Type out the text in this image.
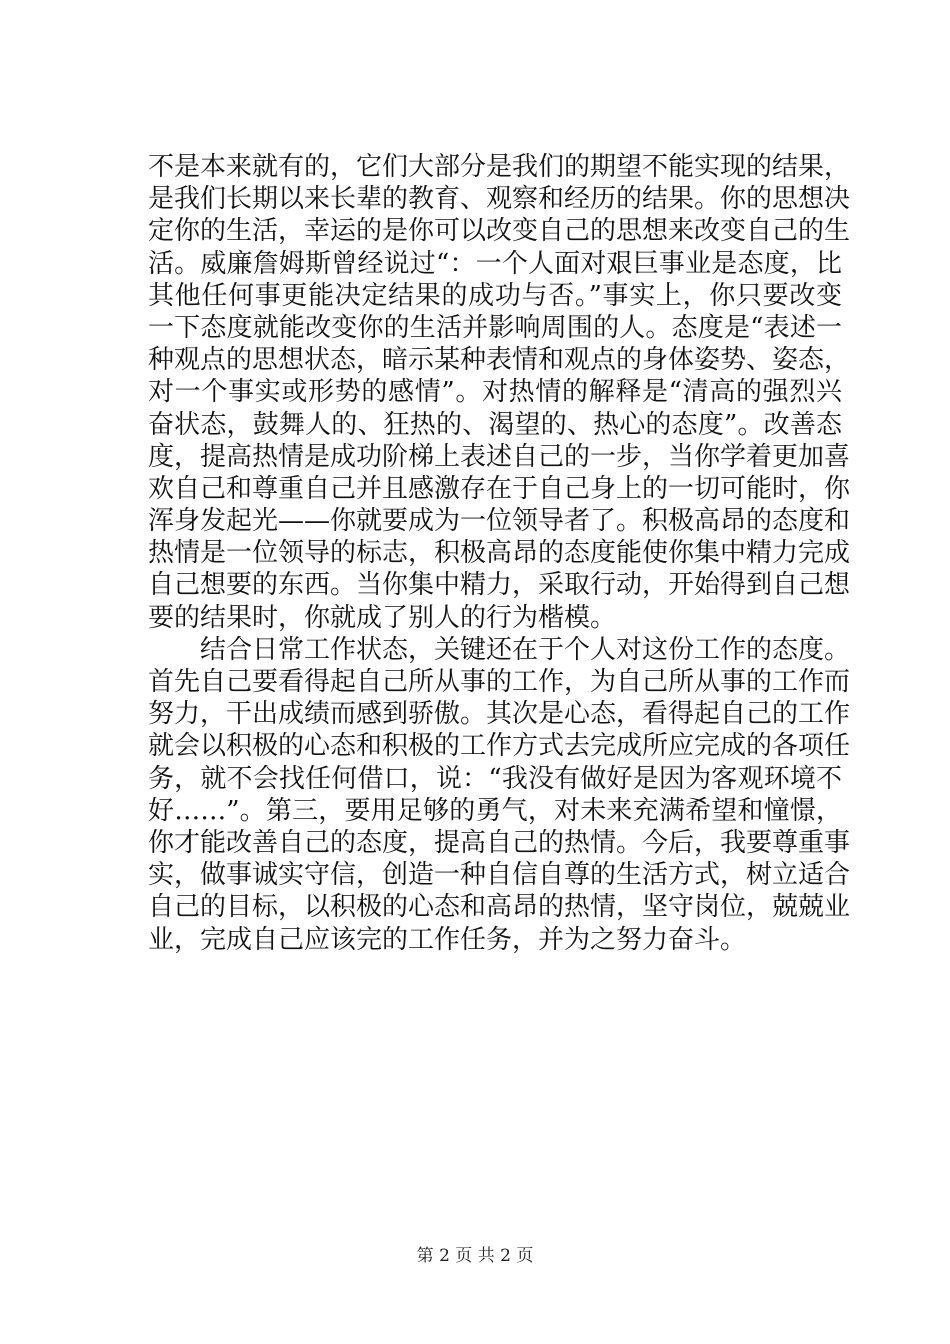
不是本来就有的，它们大部分是我们的期望不能实现的结果，
是我们长期以来长辈的教育、观察和经历的结果。你的思想决
定你的生活，幸运的是你可以改变自己的思想来改变自己的生
活。威廉詹姆斯曾经说过“：一个人面对艰巨事业是态度，比
其他任何事更能决定结果的成功与否。”事实上，你只要改变
一下态度就能改变你的生活并影响周围的人。态度是“表述一
种观点的思想状态，暗示某种表情和观点的身体姿势、姿态，
对一个事实或形势的感情”。对热情的解释是“清高的强烈兴
奋状态，鼓舞人的、狂热的、渴望的、热心的态度”。改善态
度，提高热情是成功阶梯上表述自己的一步，当你学着更加喜
欢自己和尊重自己并且感激存在于自己身上的一切可能时，你
浑身发起光——你就要成为一位领导者了。积极高昂的态度和
热情是一位领导的标志，积极高昂的态度能使你集中精力完成
自己想要的东西。当你集中精力，采取行动，开始得到自己想
要的结果时，你就成了别人的行为楷模。
　　结合日常工作状态，关键还在于个人对这份工作的态度。
首先自己要看得起自己所从事的工作，为自己所从事的工作而
努力，干出成绩而感到骄傲。其次是心态，看得起自己的工作
就会以积极的心态和积极的工作方式去完成所应完成的各项任
务，就不会找任何借口，说：“我没有做好是因为客观环境不
好……”。第三，要用足够的勇气，对未来充满希望和憧憬，
你才能改善自己的态度，提高自己的热情。今后，我要尊重事
实，做事诚实守信，创造一种自信自尊的生活方式，树立适合
自己的目标，以积极的心态和高昂的热情，坚守岗位，兢兢业
业，完成自己应该完的工作任务，并为之努力奋斗。
第 2 页 共 2 页
